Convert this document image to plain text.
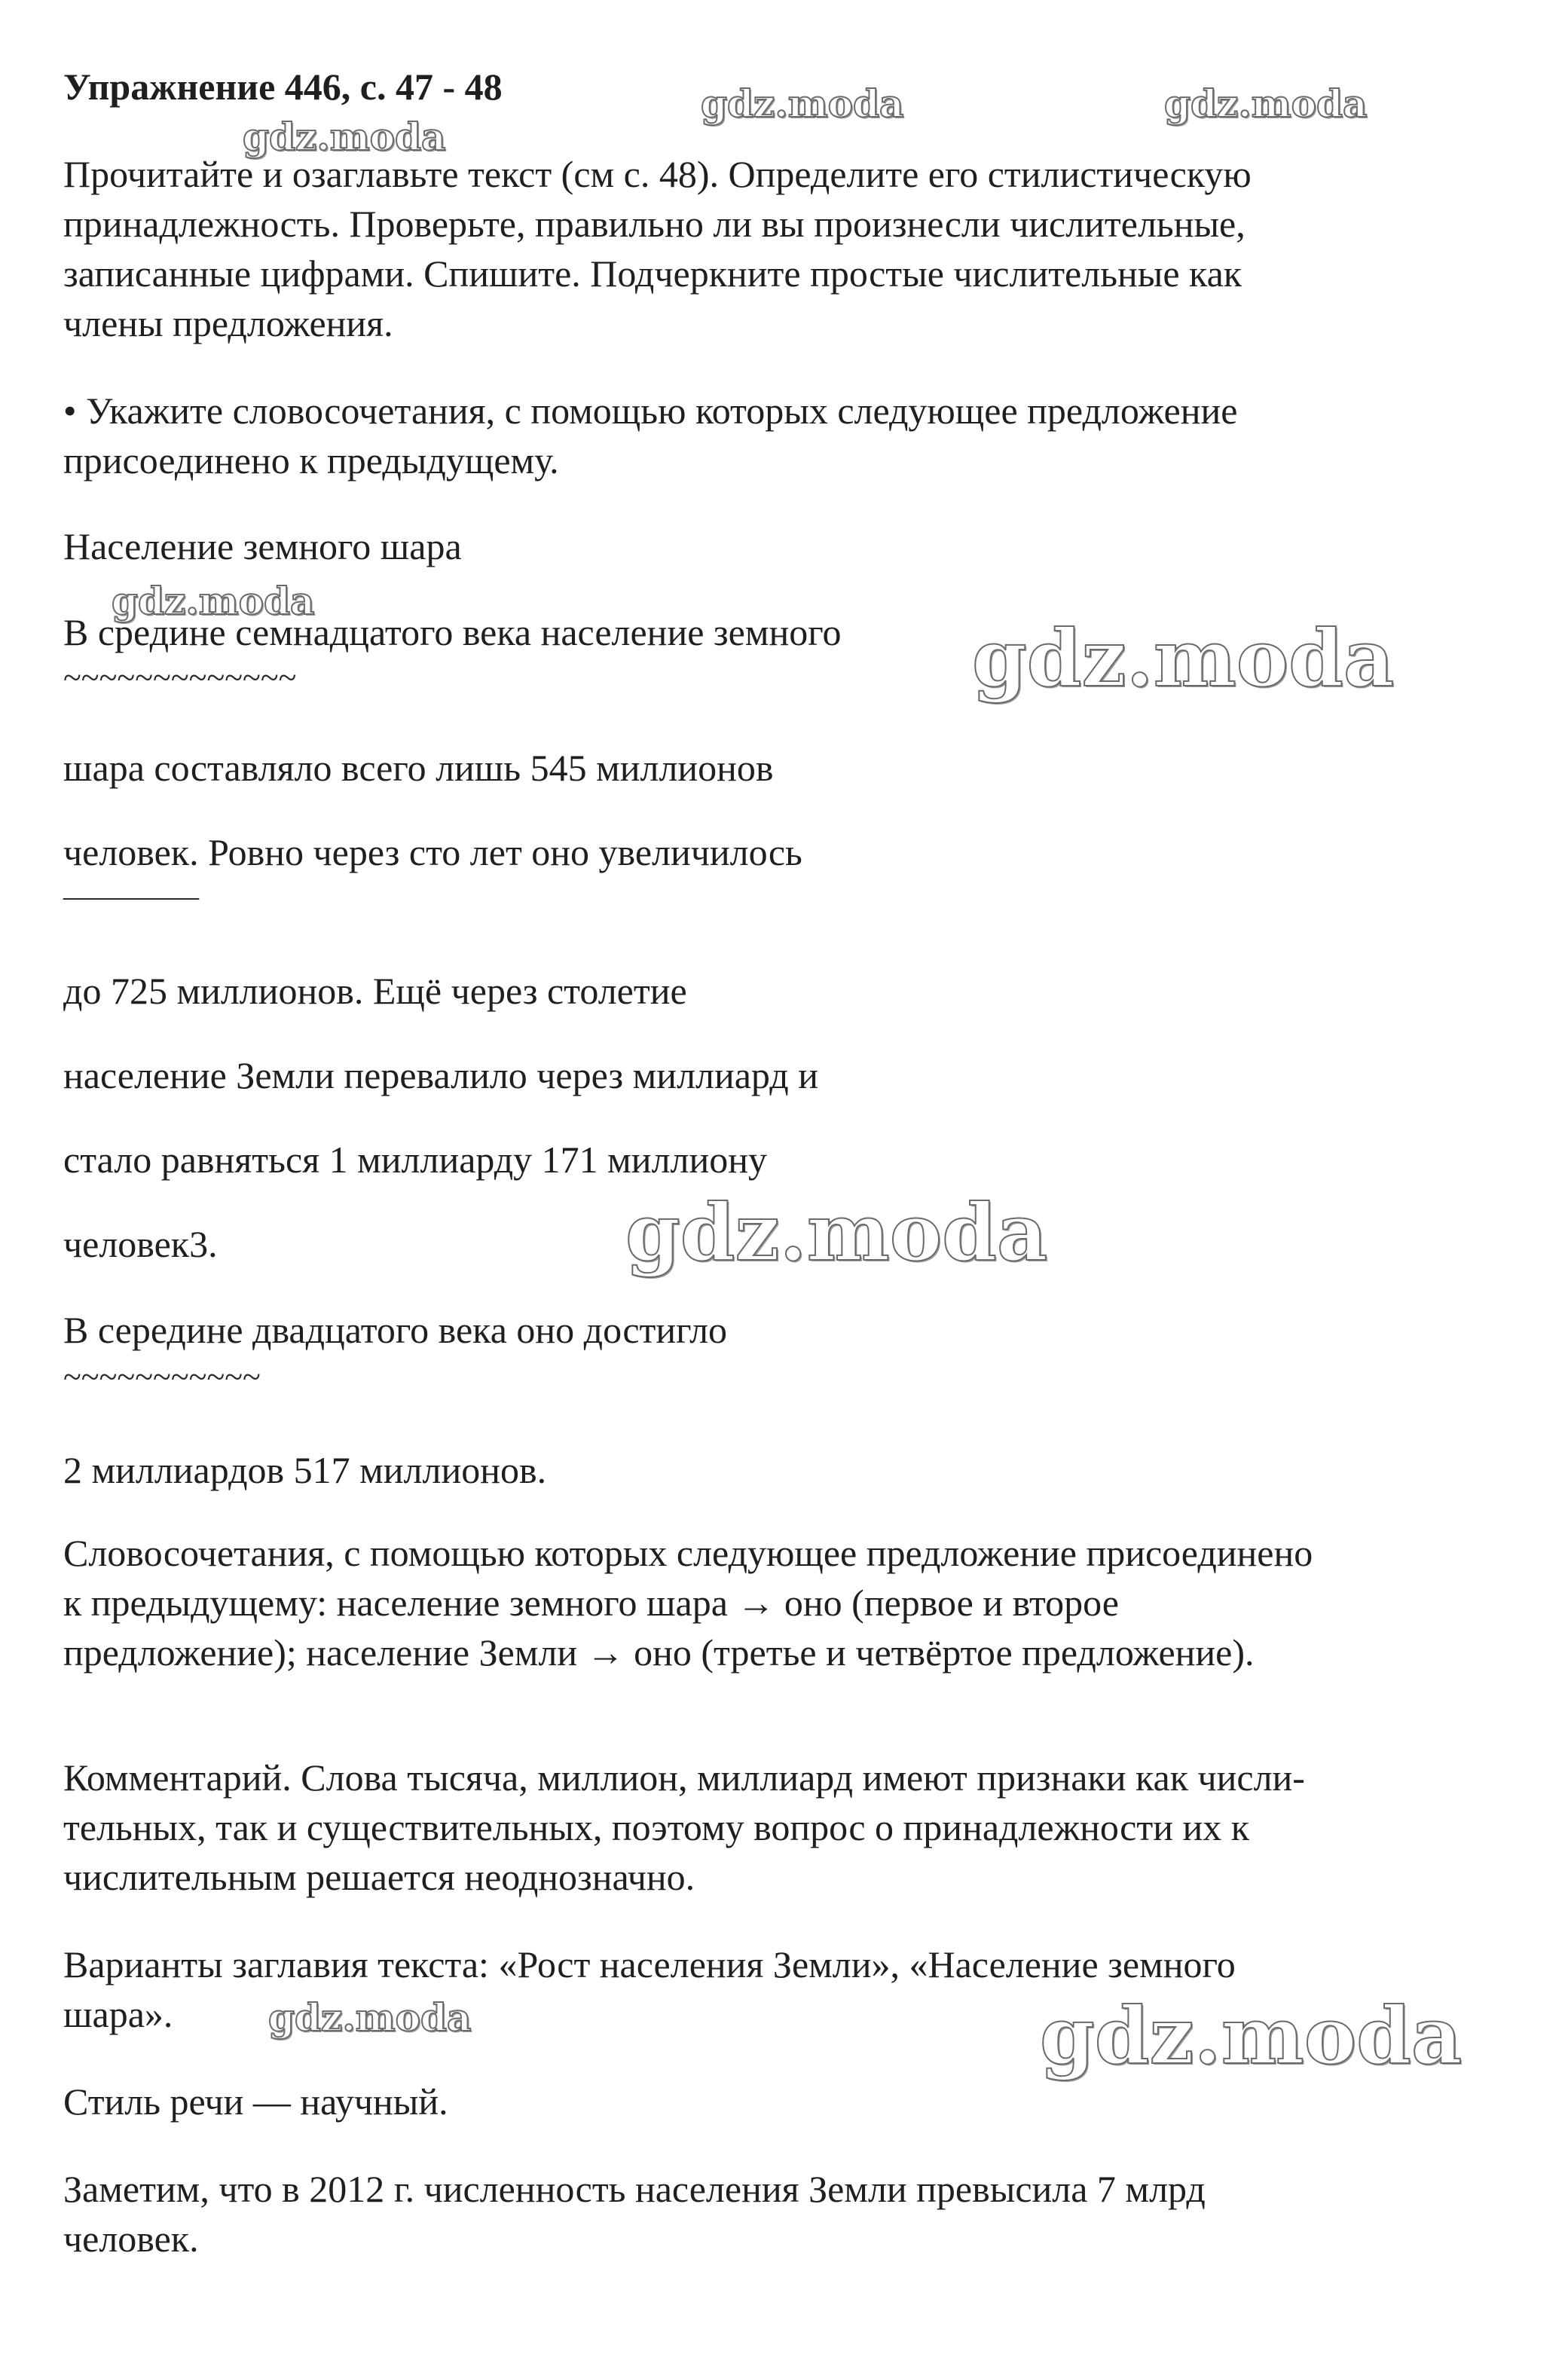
Упражнение 446, с. 47 - 48

Прочитайте и озаглавьте текст (см с. 48). Определите его стилистическую

принадлежность. Проверьте, правильно ли вы произнесли числительные,

записанные цифрами. Спишите. Подчеркните простые числительные как

члены предложения.

• Укажите словосочетания, с помощью которых следующее предложение

присоединено к предыдущему.

Население земного шара

В средине семнадцатого века население земного

~~~~~~~~~~~~~

шара составляло всего лишь 545 миллионов

человек. Ровно через сто лет оно увеличилось

_________

до 725 миллионов. Ещё через столетие

население Земли перевалило через миллиард и

стало равняться 1 миллиарду 171 миллиону

человек3.

В середине двадцатого века оно достигло

~~~~~~~~~~~

2 миллиардов 517 миллионов.

Словосочетания, с помощью которых следующее предложение присоединено

к предыдущему: население земного шара → оно (первое и второе

предложение); население Земли → оно (третье и четвёртое предложение).

Комментарий. Слова тысяча, миллион, миллиард имеют признаки как числи-

тельных, так и существительных, поэтому вопрос о принадлежности их к

числительным решается неоднозначно.

Варианты заглавия текста: «Рост населения Земли», «Население земного

шара».

Стиль речи — научный.

Заметим, что в 2012 г. численность населения Земли превысила 7 млрд

человек.

gdz.moda	gdz.moda
gdz.moda
gdz.moda
gdz.moda
gdz.moda
gdz.moda	gdz.moda
